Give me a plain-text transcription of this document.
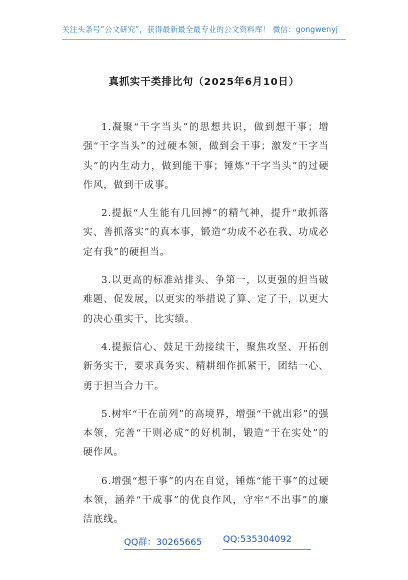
关注头条号“公文研究”，获得最新最全最专业的公文资料库！ 微信：gongwenyj
真抓实干类排比句（2025年6月10日）

1.凝聚“干字当头”的思想共识，做到想干事；增强“干字当头”的过硬本领，做到会干事；激发“干字当头”的内生动力，做到能干事；锤炼“干字当头”的过硬作风，做到干成事。

2.提振“人生能有几回搏”的精气神，提升“敢抓落实、善抓落实”的真本事，锻造“功成不必在我、功成必定有我”的硬担当。

3.以更高的标准站排头、争第一，以更强的担当破难题、促发展，以更实的举措说了算、定了干，以更大的决心重实干、比实绩。

4.提振信心、鼓足干劲接续干，聚焦攻坚、开拓创新务实干，要求真务实、精耕细作抓紧干，团结一心、勇于担当合力干。

5.树牢“干在前列”的高境界，增强“干就出彩”的强本领，完善“干则必成”的好机制，锻造“干在实处”的硬作风。

6.增强“想干事”的内在自觉，锤炼“能干事”的过硬本领，涵养“干成事”的优良作风，守牢“不出事”的廉洁底线。

QQ群：30265665 QQ:535304092
